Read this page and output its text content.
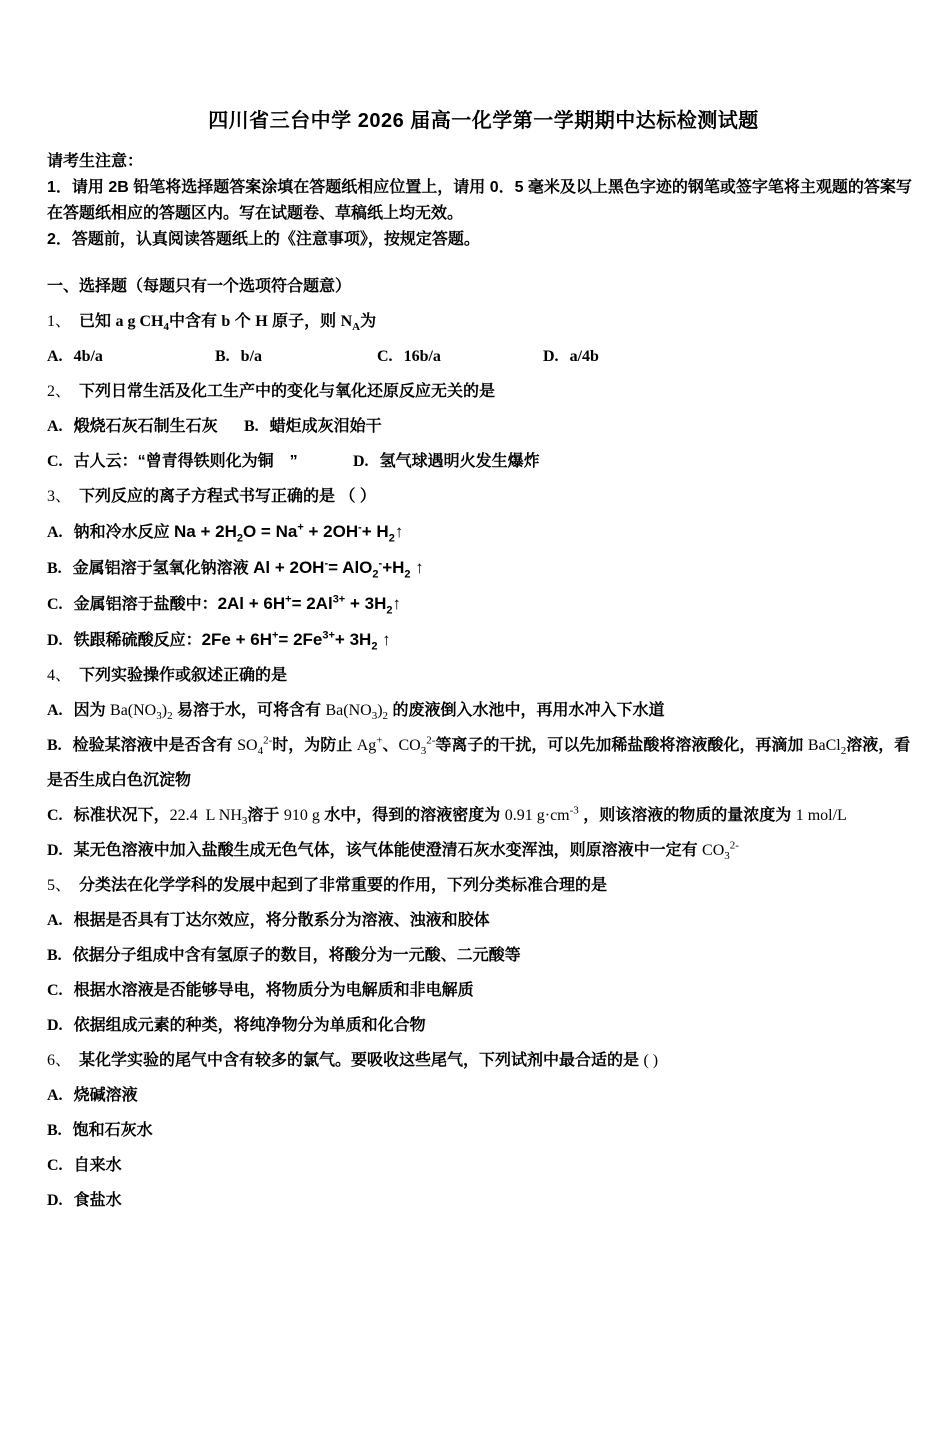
四川省三台中学 2026 届高一化学第一学期期中达标检测试题

请考生注意：

1．请用 2B 铅笔将选择题答案涂填在答题纸相应位置上，请用 0．5 毫米及以上黑色字迹的钢笔或签字笔将主观题的答案写在答题纸相应的答题区内。写在试题卷、草稿纸上均无效。

2．答题前，认真阅读答题纸上的《注意事项》，按规定答题。

一、选择题（每题只有一个选项符合题意）

1、 已知 a g $CH_4$中含有 b 个 H 原子，则 $N_A$为

A. 4b/a	B. b/a	C. 16b/a	D. a/4b

2、 下列日常生活及化工生产中的变化与氧化还原反应无关的是

A. 煅烧石灰石制生石灰 B. 蜡炬成灰泪始干

C. 古人云：“曾青得铁则化为铜　”	D. 氢气球遇明火发生爆炸

3、 下列反应的离子方程式书写正确的是 （ ）

A. 钠和冷水反应 $Na + 2H_2O = Na^+ + 2OH^-+$ $H_2↑$

B. 金属铝溶于氢氧化钠溶液 $Al + 2OH^-= AlO_2^-+H_2$ ↑

C. 金属铝溶于盐酸中：$2Al + 6H^+= 2Al^{3+}$ + $3H_2↑$

D. 铁跟稀硫酸反应：$2Fe + 6H^+= 2Fe^{3+}+ 3H_2$ ↑

4、 下列实验操作或叙述正确的是

A. 因为 $Ba(NO_3)_2$ 易溶于水，可将含有 $Ba(NO_3)_2$ 的废液倒入水池中，再用水冲入下水道

B. 检验某溶液中是否含有 $SO_4^{2-}$时，为防止 Ag+、$CO_3^{2-}$等离子的干扰，可以先加稀盐酸将溶液酸化，再滴加 BaCl$_2$溶液，看是否生成白色沉淀物

C. 标准状况下，22.4  L $NH_3$溶于 910 g 水中，得到的溶液密度为 0.91 $g\cdot cm^{-3}$ ，则该溶液的物质的量浓度为 1 mol/L

D. 某无色溶液中加入盐酸生成无色气体，该气体能使澄清石灰水变浑浊，则原溶液中一定有 $CO_3^{2-}$

5、 分类法在化学学科的发展中起到了非常重要的作用，下列分类标准合理的是

A. 根据是否具有丁达尔效应，将分散系分为溶液、浊液和胶体

B. 依据分子组成中含有氢原子的数目，将酸分为一元酸、二元酸等

C. 根据水溶液是否能够导电，将物质分为电解质和非电解质

D. 依据组成元素的种类，将纯净物分为单质和化合物

6、 某化学实验的尾气中含有较多的氯气。要吸收这些尾气，下列试剂中最合适的是 ( )

A. 烧碱溶液

B. 饱和石灰水

C. 自来水

D. 食盐水
